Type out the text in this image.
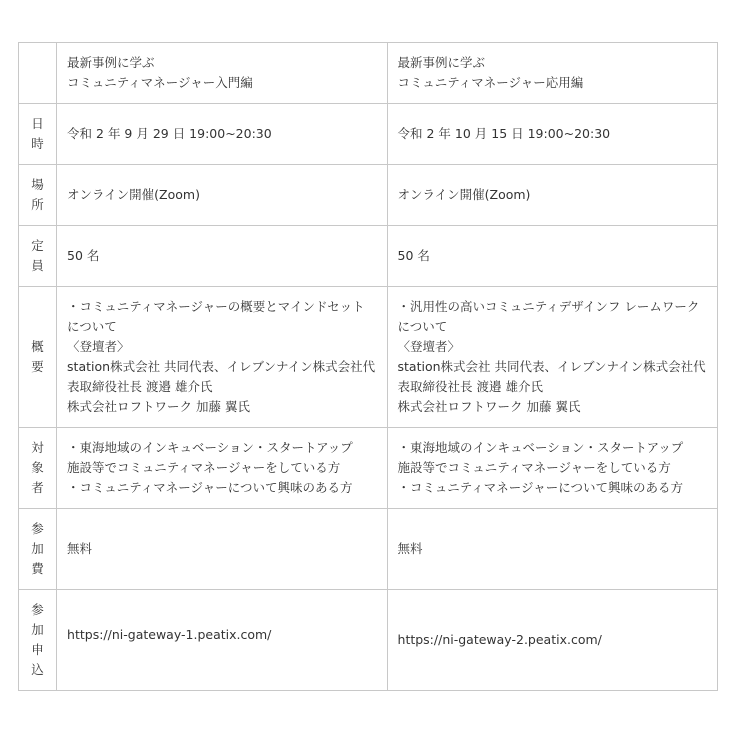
	最新事例に学ぶ
コミュニティマネージャー入門編	最新事例に学ぶ
コミュニティマネージャー応用編

日時	令和 2 年 9 月 29 日 19:00~20:30	令和 2 年 10 月 15 日 19:00~20:30

場所	オンライン開催(Zoom)	オンライン開催(Zoom)

定員	50 名	50 名

概要	・コミュニティマネージャーの概要とマインドセットについて
〈登壇者〉
station株式会社 共同代表、イレブンナイン株式会社代表取締役社長 渡邉 雄介氏
株式会社ロフトワーク 加藤 翼氏	・汎用性の高いコミュニティデザインフ レームワークについて
〈登壇者〉
station株式会社 共同代表、イレブンナイン株式会社代表取締役社長 渡邉 雄介氏
株式会社ロフトワーク 加藤 翼氏

対象者	・東海地域のインキュベーション・スタートアップ
施設等でコミュニティマネージャーをしている方
・コミュニティマネージャーについて興味のある方	・東海地域のインキュベーション・スタートアップ
施設等でコミュニティマネージャーをしている方
・コミュニティマネージャーについて興味のある方

参加費	無料	無料

参加申込	https://ni-gateway-1.peatix.com/	https://ni-gateway-2.peatix.com/
